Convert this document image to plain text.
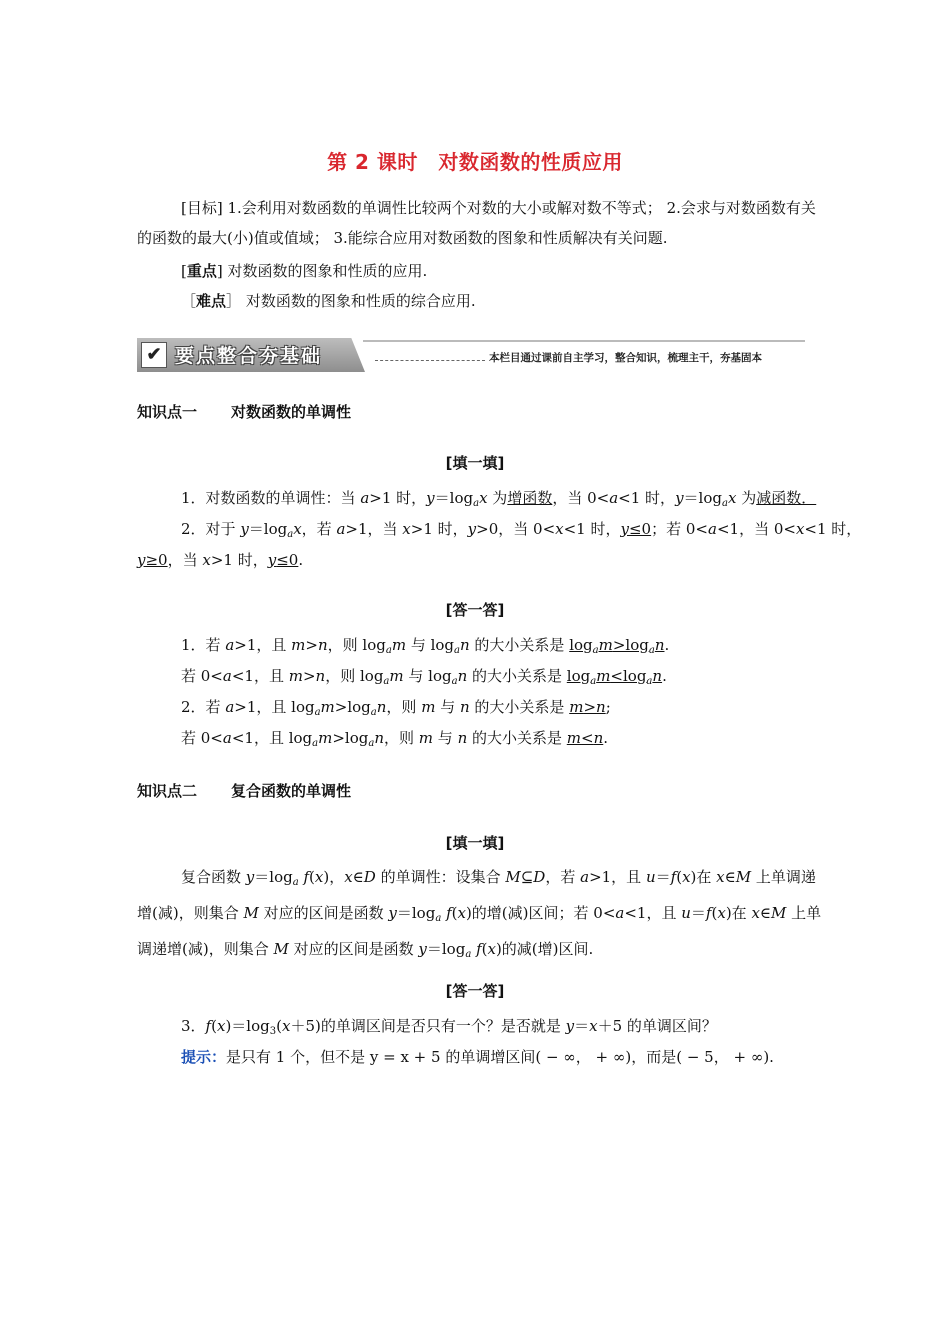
第 2 课时　对数函数的性质应用
[目标] 1.会利用对数函数的单调性比较两个对数的大小或解对数不等式； 2.会求与对数函数有关的函数的最大(小)值或值域； 3.能综合应用对数函数的图象和性质解决有关问题.
[重点] 对数函数的图象和性质的应用.
［难点］ 对数函数的图象和性质的综合应用.
✔ 要点整合夯基础	本栏目通过课前自主学习，整合知识，梳理主干，夯基固本
知识点一 对数函数的单调性
[填一填]
1．对数函数的单调性：当 a>1 时，$y=\log_ax$ 为增函数，当 0<a<1 时，$y=\log_ax$ 为减函数．
2．对于 $y=\log_ax$，若 a>1，当 x>1 时，y>0，当 0<x<1 时，y≤0；若 0<a<1，当 0<x<1 时，
y≥0，当 x>1 时，y≤0.
[答一答]
1．若 a>1，且 m>n，则 $\log_am$ 与 $\log_an$ 的大小关系是 $\log_am>\log_an$.
若 0<a<1，且 m>n，则 $\log_am$ 与 $\log_an$ 的大小关系是 $\log_am<\log_an$.
2．若 a>1，且 $\log_am>\log_an$，则 m 与 n 的大小关系是 m>n;
若 0<a<1，且 $\log_am>\log_an$，则 m 与 n 的大小关系是 m<n.
知识点二 复合函数的单调性
[填一填]
复合函数 $y=\log_a$ f(x)，x∈D 的单调性：设集合 M⊆D，若 a>1，且 u＝f(x)在 x∈M 上单调递增(减)，则集合 M 对应的区间是函数 $y=\log_a$ f(x)的增(减)区间；若 0<a<1，且 u＝f(x)在 x∈M 上单调递增(减)，则集合 M 对应的区间是函数 $y=\log_a$ f(x)的减(增)区间.
[答一答]
3．$f(x)=\log_3(x+5)$的单调区间是否只有一个？是否就是 y＝x＋5 的单调区间？
提示：是只有 1 个，但不是 y = x + 5 的单调增区间( − ∞， + ∞)，而是( − 5， + ∞).
